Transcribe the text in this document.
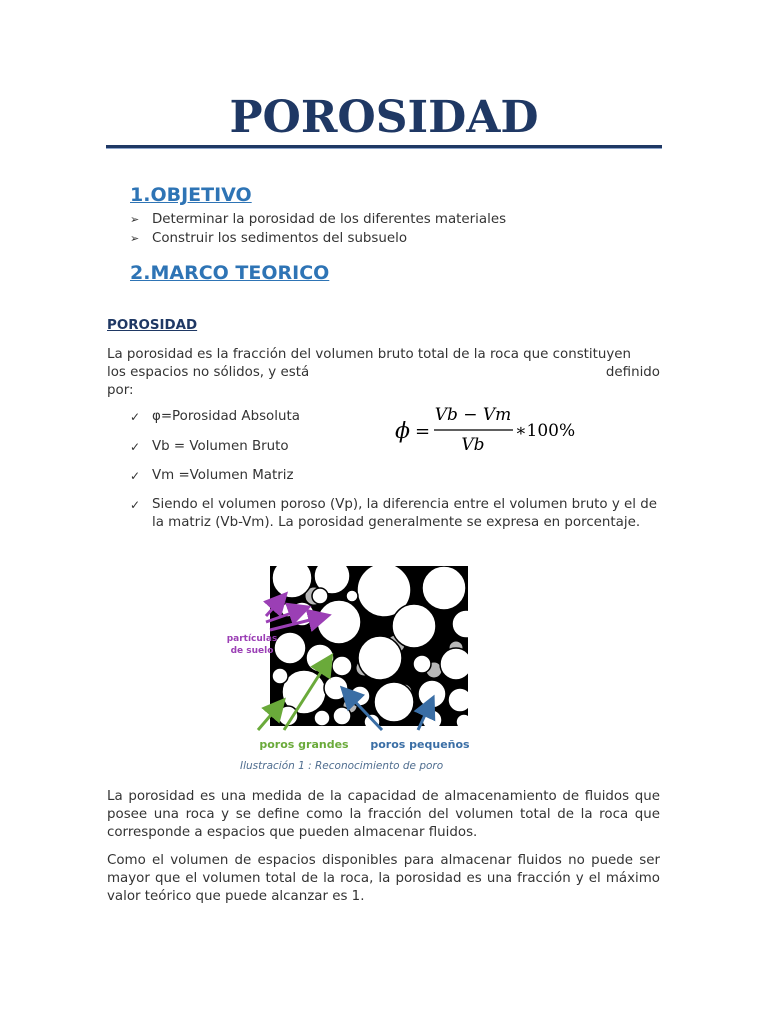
POROSIDAD
1.OBJETIVO
➢ Determinar la porosidad de los diferentes materiales
➢ Construir los sedimentos del subsuelo
2.MARCO TEORICO

POROSIDAD

La porosidad es la fracción del volumen bruto total de la roca que constituyen
los espacios no sólidos, y está	definido
por:
✓ φ=Porosidad Absoluta
✓ Vb = Volumen Bruto
✓ Vm =Volumen Matriz
✓ Siendo el volumen poroso (Vp), la diferencia entre el volumen bruto y el de la matriz (Vb-Vm). La porosidad generalmente se expresa en porcentaje.
ϕ =
Vb − Vm
Vb
∗100%
partículas
de suelo
poros grandes poros pequeños

Ilustración 1 : Reconocimiento de poro

La porosidad es una medida de la capacidad de almacenamiento de fluidos que posee una roca y se define como la fracción del volumen total de la roca que corresponde a espacios que pueden almacenar fluidos.

Como el volumen de espacios disponibles para almacenar fluidos no puede ser mayor que el volumen total de la roca, la porosidad es una fracción y el máximo valor teórico que puede alcanzar es 1.
